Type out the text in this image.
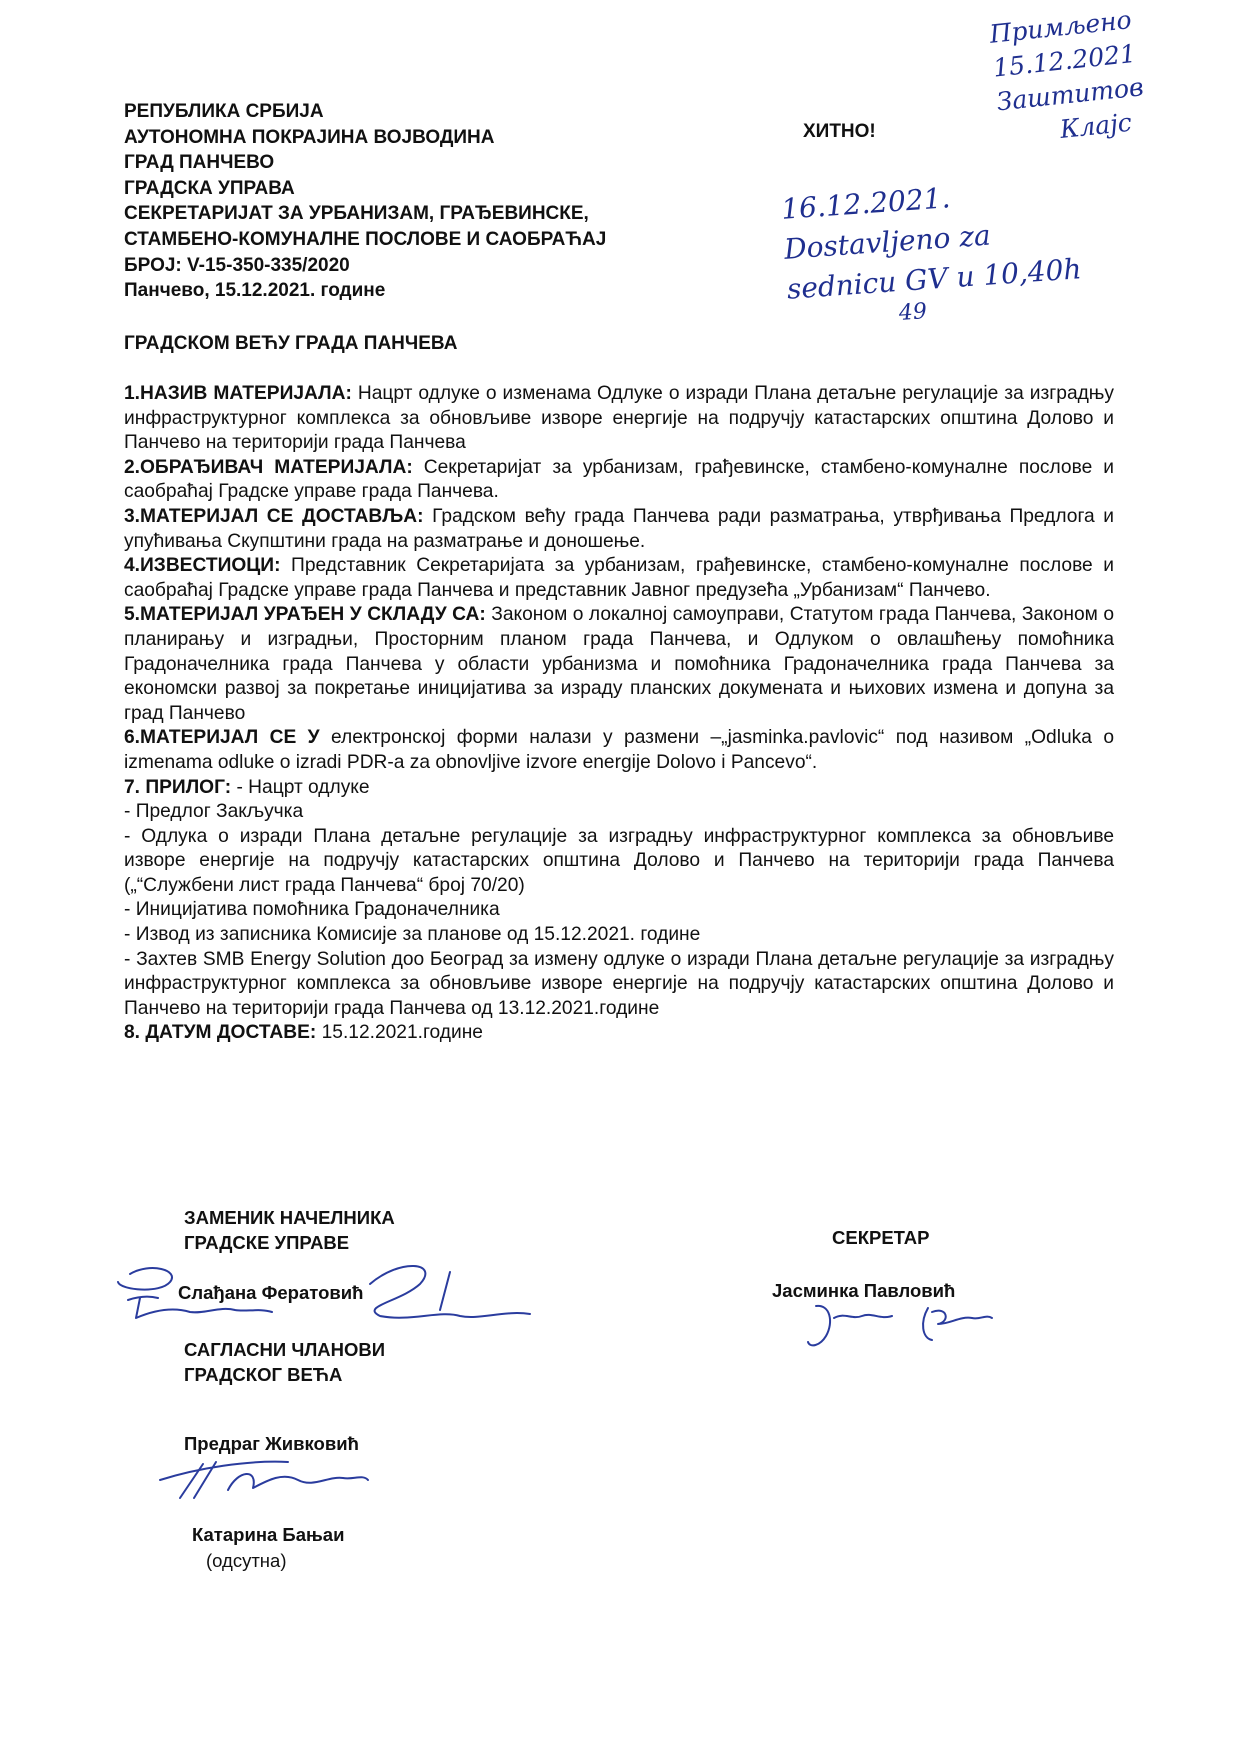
РЕПУБЛИКА СРБИЈА
АУТОНОМНА ПОКРАЈИНА ВОЈВОДИНА
ГРАД ПАНЧЕВО
ГРАДСКА УПРАВА
СЕКРЕТАРИЈАТ ЗА УРБАНИЗАМ, ГРАЂЕВИНСКЕ,
СТАМБЕНО-КОМУНАЛНЕ ПОСЛОВЕ И САОБРАЋАЈ
БРОЈ: V-15-350-335/2020
Панчево, 15.12.2021. године
ХИТНО!
Примљено
15.12.2021
Заштитов
Клајс
16.12.2021.
Dostavljeno za
sednicu GV u 10,40h
49
ГРАДСКОМ ВЕЋУ ГРАДА ПАНЧЕВА

1.НАЗИВ МАТЕРИЈАЛА: Нацрт одлуке о изменама Одлуке о изради Плана детаљне регулације за изградњу инфраструктурног комплекса за обновљиве изворе енергије на подручју катастарских општина Долово и Панчево на територији града Панчева

2.ОБРАЂИВАЧ МАТЕРИЈАЛА: Секретаријат за урбанизам, грађевинске, стамбено-комуналне послове и саобраћај Градске управе града Панчева.

3.МАТЕРИЈАЛ СЕ ДОСТАВЉА: Градском већу града Панчева ради разматрања, утврђивања Предлога и упућивања Скупштини града на разматрање и доношење.

4.ИЗВЕСТИОЦИ: Представник Секретаријата за урбанизам, грађевинске, стамбено-комуналне послове и саобраћај Градске управе града Панчева и представник Јавног предузећа „Урбанизам“ Панчево.

5.МАТЕРИЈАЛ УРАЂЕН У СКЛАДУ СА: Законом о локалној самоуправи, Статутом града Панчева, Законом о планирању и изградњи, Просторним планом града Панчева, и Одлуком о овлашћењу помоћника Градоначелника града Панчева у области урбанизма и помоћника Градоначелника града Панчева за економски развој за покретање иницијатива за израду планских докумената и њихових измена и допуна за град Панчево

6.МАТЕРИЈАЛ СЕ У електронској форми налази у размени –„jasminka.pavlovic“ под називом „Odluka o izmenama odluke o izradi PDR-a za obnovljive izvore energije Dolovo i Pancevo“.

7. ПРИЛОГ: - Нацрт одлуке

- Предлог Закључка

- Одлука о изради Плана детаљне регулације за изградњу инфраструктурног комплекса за обновљиве изворе енергије на подручју катастарских општина Долово и Панчево на територији града Панчева („“Службени лист града Панчева“ број 70/20)

- Иницијатива помоћника Градоначелника

- Извод из записника Комисије за планове од 15.12.2021. године

- Захтев SMB Energy Solution доо Београд за измену одлуке о изради Плана детаљне регулације за изградњу инфраструктурног комплекса за обновљиве изворе енергије на подручју катастарских општина Долово и Панчево на територији града Панчева од 13.12.2021.године

8. ДАТУМ ДОСТАВЕ: 15.12.2021.године

ЗАМЕНИК НАЧЕЛНИКА
ГРАДСКЕ УПРАВЕ
Слађана Фератовић
САГЛАСНИ ЧЛАНОВИ
ГРАДСКОГ ВЕЋА
Предраг Живковић
Катарина Бањаи
(одсутна)
СЕКРЕТАР
Јасминка Павловић
